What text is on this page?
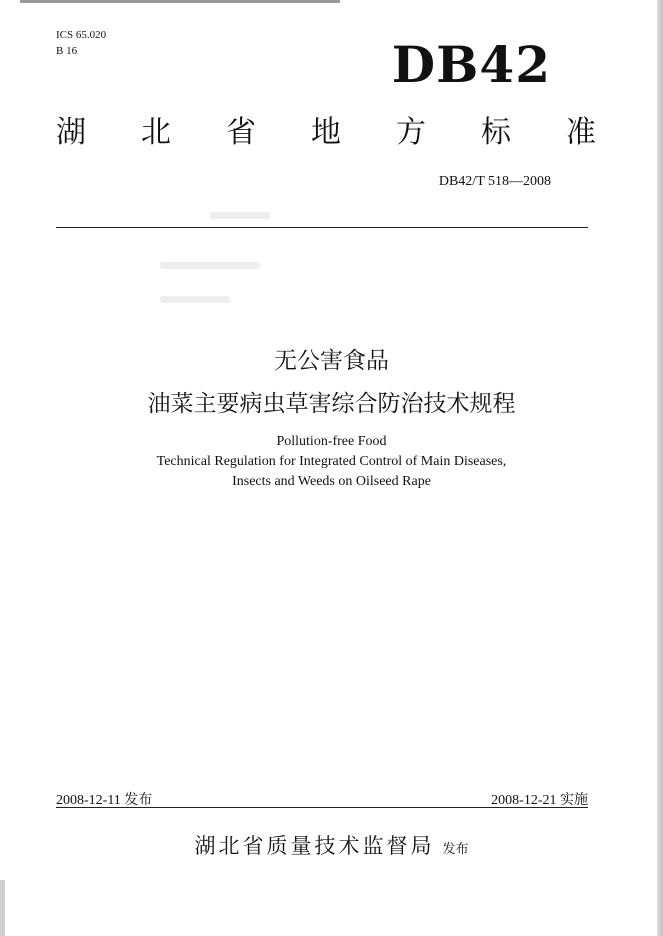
ICS 65.020
B 16	DB42
湖 北 省 地 方 标 准
DB42/T 518—2008
无公害食品
油菜主要病虫草害综合防治技术规程
Pollution-free Food
Technical Regulation for Integrated Control of Main Diseases,
Insects and Weeds on Oilseed Rape
2008-12-11 发布	2008-12-21 实施
湖北省质量技术监督局 发布
